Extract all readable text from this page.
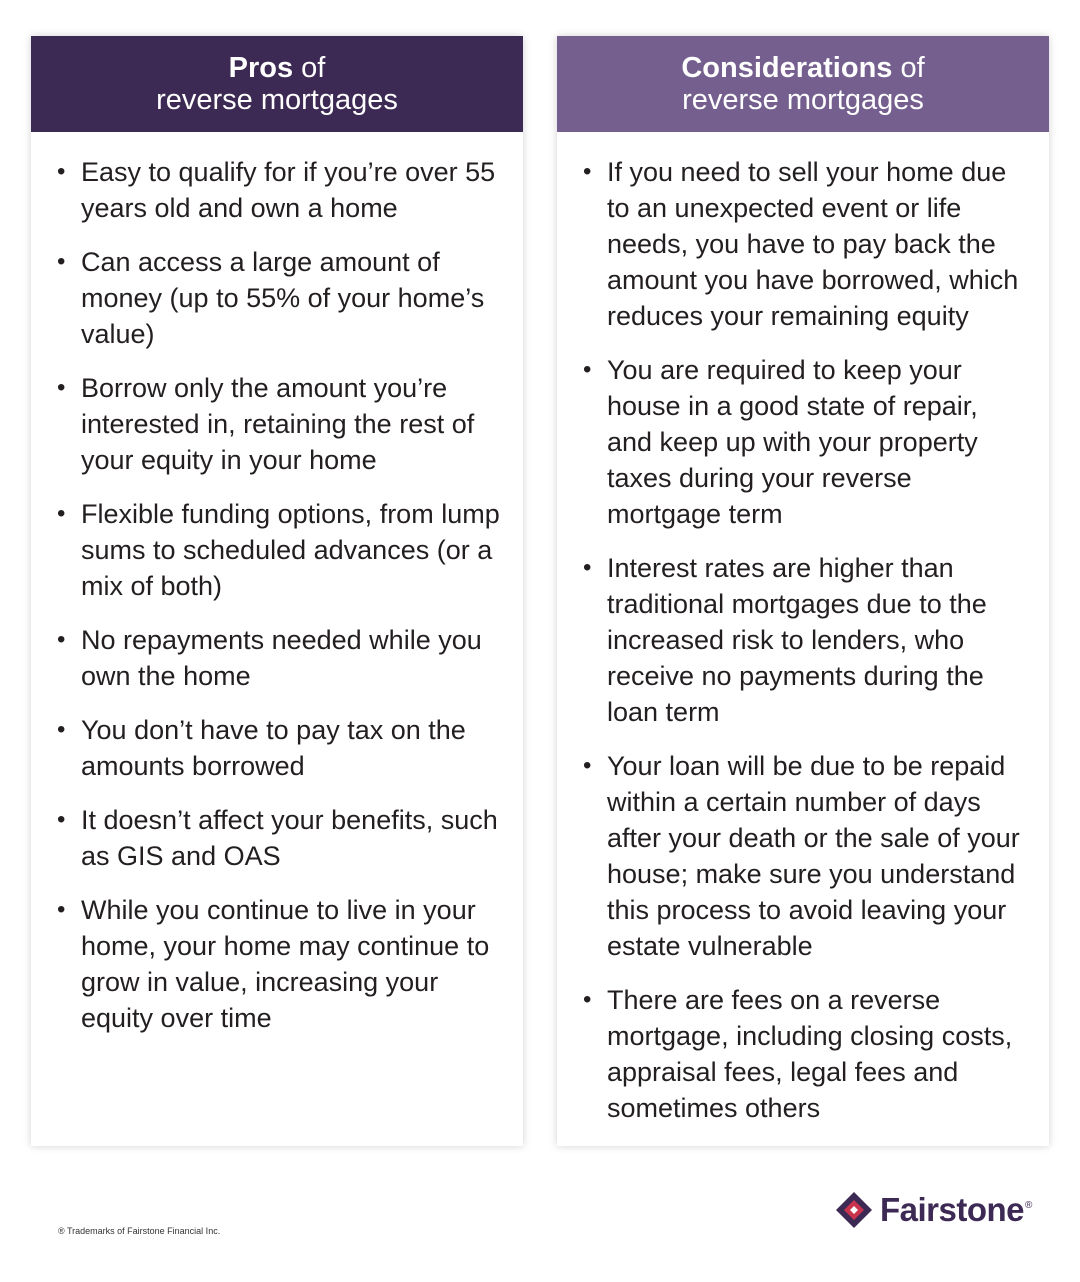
Pros of
reverse mortgages
• Easy to qualify for if you’re over 55 years old and own a home
• Can access a large amount of money (up to 55% of your home’s value)
• Borrow only the amount you’re interested in, retaining the rest of your equity in your home
• Flexible funding options, from lump sums to scheduled advances (or a mix of both)
• No repayments needed while you own the home
• You don’t have to pay tax on the amounts borrowed
• It doesn’t affect your benefits, such as GIS and OAS
• While you continue to live in your home, your home may continue to grow in value, increasing your equity over time
Considerations of
reverse mortgages
• If you need to sell your home due to an unexpected event or life needs, you have to pay back the amount you have borrowed, which reduces your remaining equity
• You are required to keep your house in a good state of repair, and keep up with your property taxes during your reverse mortgage term
• Interest rates are higher than traditional mortgages due to the increased risk to lenders, who receive no payments during the loan term
• Your loan will be due to be repaid within a certain number of days after your death or the sale of your house; make sure you understand this process to avoid leaving your estate vulnerable
• There are fees on a reverse mortgage, including closing costs, appraisal fees, legal fees and sometimes others
® Trademarks of Fairstone Financial Inc.
Fairstone ®
